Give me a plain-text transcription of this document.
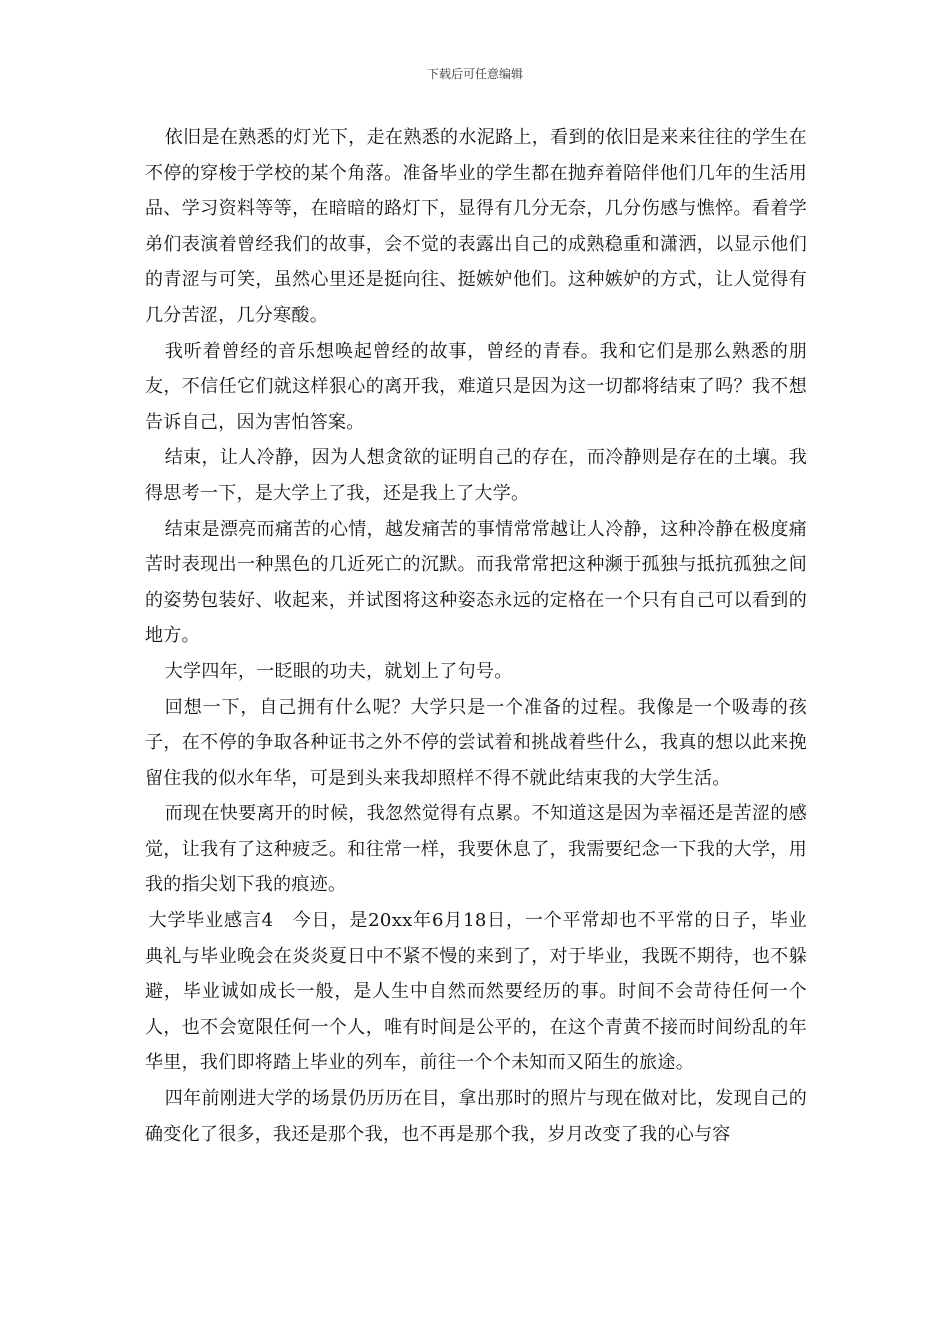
下载后可任意编辑

依旧是在熟悉的灯光下，走在熟悉的水泥路上，看到的依旧是来来往往的学生在不停的穿梭于学校的某个角落。准备毕业的学生都在抛弃着陪伴他们几年的生活用品、学习资料等等，在暗暗的路灯下，显得有几分无奈，几分伤感与憔悴。看着学弟们表演着曾经我们的故事，会不觉的表露出自己的成熟稳重和潇洒，以显示他们的青涩与可笑，虽然心里还是挺向往、挺嫉妒他们。这种嫉妒的方式，让人觉得有几分苦涩，几分寒酸。

我听着曾经的音乐想唤起曾经的故事，曾经的青春。我和它们是那么熟悉的朋友，不信任它们就这样狠心的离开我，难道只是因为这一切都将结束了吗？我不想告诉自己，因为害怕答案。

结束，让人冷静，因为人想贪欲的证明自己的存在，而冷静则是存在的土壤。我得思考一下，是大学上了我，还是我上了大学。

结束是漂亮而痛苦的心情，越发痛苦的事情常常越让人冷静，这种冷静在极度痛苦时表现出一种黑色的几近死亡的沉默。而我常常把这种濒于孤独与抵抗孤独之间的姿势包装好、收起来，并试图将这种姿态永远的定格在一个只有自己可以看到的地方。

大学四年，一眨眼的功夫，就划上了句号。

回想一下，自己拥有什么呢？大学只是一个准备的过程。我像是一个吸毒的孩子，在不停的争取各种证书之外不停的尝试着和挑战着些什么，我真的想以此来挽留住我的似水年华，可是到头来我却照样不得不就此结束我的大学生活。

而现在快要离开的时候，我忽然觉得有点累。不知道这是因为幸福还是苦涩的感觉，让我有了这种疲乏。和往常一样，我要休息了，我需要纪念一下我的大学，用我的指尖划下我的痕迹。

大学毕业感言4　今日，是20xx年6月18日，一个平常却也不平常的日子，毕业典礼与毕业晚会在炎炎夏日中不紧不慢的来到了，对于毕业，我既不期待，也不躲避，毕业诚如成长一般，是人生中自然而然要经历的事。时间不会苛待任何一个人，也不会宽限任何一个人，唯有时间是公平的，在这个青黄不接而时间纷乱的年华里，我们即将踏上毕业的列车，前往一个个未知而又陌生的旅途。

四年前刚进大学的场景仍历历在目，拿出那时的照片与现在做对比，发现自己的确变化了很多，我还是那个我，也不再是那个我，岁月改变了我的心与容
